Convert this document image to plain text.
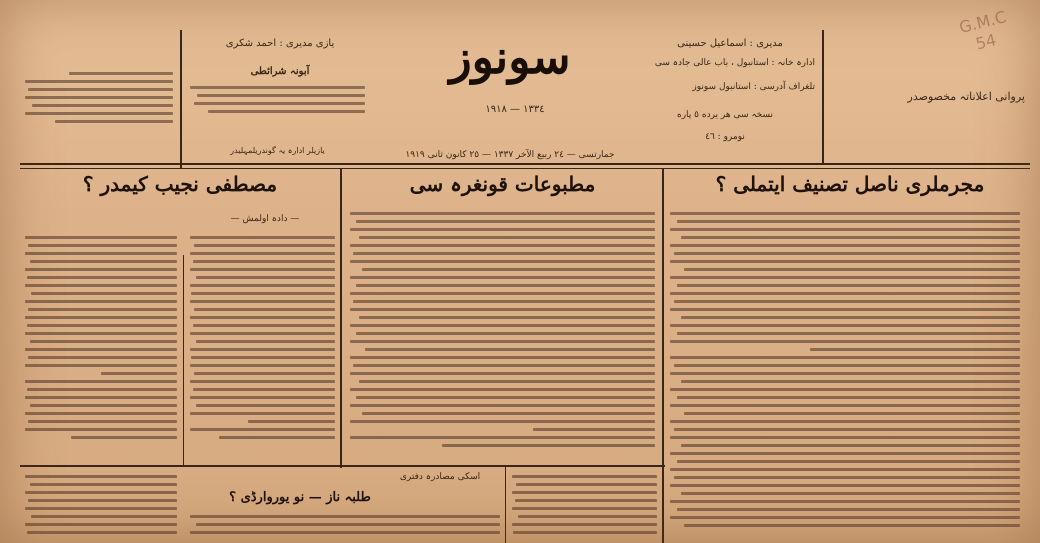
G.M.C
54
سونوز
١٣٣٤ — ١٩١٨
جمارتسی — ٢٤ ربیع الآخر ١٣٣٧ — ٢٥ کانون ثانی ١٩١٩
مدیری : اسماعیل حسینی
ادارہ خانہ : استانبول ، باب عالی جادہ سی
تلغراف آدرسی : استانبول سونوز
نسخہ سی هر یرده ٥ پاره
نومرو : ٤٦
پروانی اعلاناتہ مخصوصدر
یازی مدیری : احمد شکری
آبونہ شرائطی
یازیلر ادارہ یہ گوندریلمہلیدر
مجرملری ناصل تصنیف ایتملی ؟
مطبوعات قونغرہ سی
مصطفی نجیب کیمدر ؟
— دادہ اولمش —
اسکی مصادرہ دفتری
طلبہ ناز — نو یوروارڈی ؟
